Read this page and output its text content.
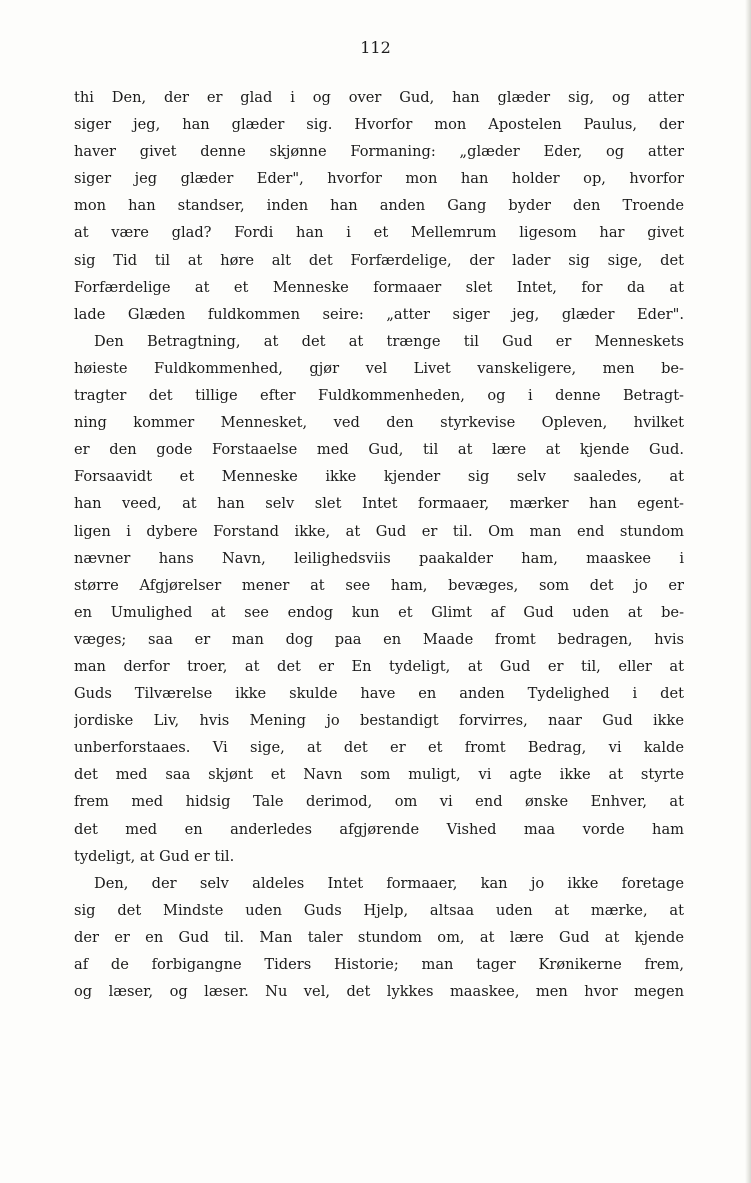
112
thi Den, der er glad i og over Gud, han glæder sig, og atter
siger jeg, han glæder sig. Hvorfor mon Apostelen Paulus, der
haver givet denne skjønne Formaning: „glæder Eder, og atter
siger jeg glæder Eder", hvorfor mon han holder op, hvorfor
mon han standser, inden han anden Gang byder den Troende
at være glad? Fordi han i et Mellemrum ligesom har givet
sig Tid til at høre alt det Forfærdelige, der lader sig sige, det
Forfærdelige at et Menneske formaaer slet Intet, for da at
lade Glæden fuldkommen seire: „atter siger jeg, glæder Eder".
Den Betragtning, at det at trænge til Gud er Menneskets
høieste Fuldkommenhed, gjør vel Livet vanskeligere, men be-
tragter det tillige efter Fuldkommenheden, og i denne Betragt-
ning kommer Mennesket, ved den styrkevise Opleven, hvilket
er den gode Forstaaelse med Gud, til at lære at kjende Gud.
Forsaavidt et Menneske ikke kjender sig selv saaledes, at
han veed, at han selv slet Intet formaaer, mærker han egent-
ligen i dybere Forstand ikke, at Gud er til. Om man end stundom
nævner hans Navn, leilighedsviis paakalder ham, maaskee i
større Afgjørelser mener at see ham, bevæges, som det jo er
en Umulighed at see endog kun et Glimt af Gud uden at be-
væges; saa er man dog paa en Maade fromt bedragen, hvis
man derfor troer, at det er En tydeligt, at Gud er til, eller at
Guds Tilværelse ikke skulde have en anden Tydelighed i det
jordiske Liv, hvis Mening jo bestandigt forvirres, naar Gud ikke
unberforstaaes. Vi sige, at det er et fromt Bedrag, vi kalde
det med saa skjønt et Navn som muligt, vi agte ikke at styrte
frem med hidsig Tale derimod, om vi end ønske Enhver, at
det med en anderledes afgjørende Vished maa vorde ham
tydeligt, at Gud er til.
Den, der selv aldeles Intet formaaer, kan jo ikke foretage
sig det Mindste uden Guds Hjelp, altsaa uden at mærke, at
der er en Gud til. Man taler stundom om, at lære Gud at kjende
af de forbigangne Tiders Historie; man tager Krønikerne frem,
og læser, og læser. Nu vel, det lykkes maaskee, men hvor megen
